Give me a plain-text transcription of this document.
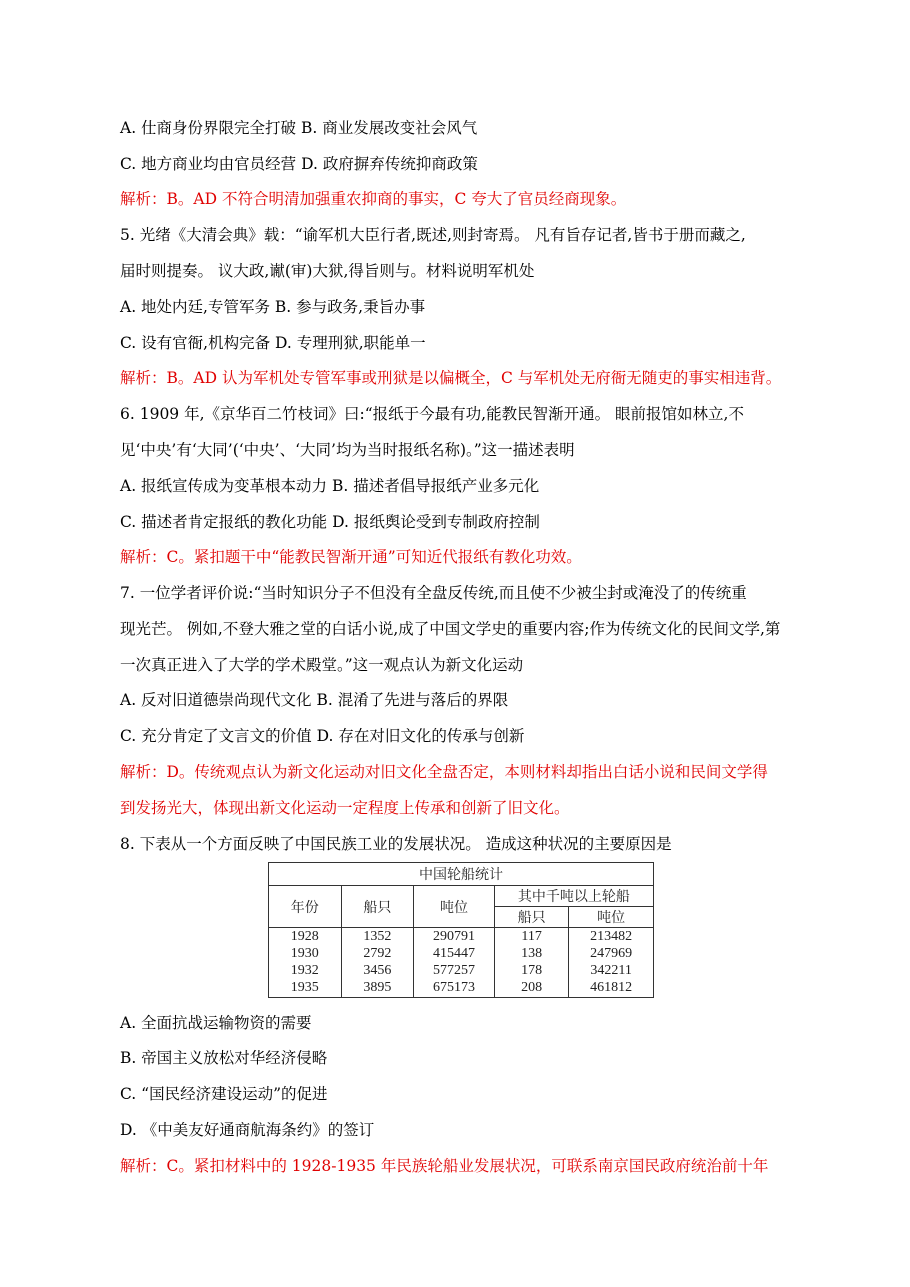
A. 仕商身份界限完全打破 B. 商业发展改变社会风气
C. 地方商业均由官员经营 D. 政府摒弃传统抑商政策
解析：B。AD 不符合明清加强重农抑商的事实，C 夸大了官员经商现象。
5. 光绪《大清会典》载：“谕军机大臣行者,既述,则封寄焉。 凡有旨存记者,皆书于册而藏之,
届时则提奏。 议大政,谳(审)大狱,得旨则与。材料说明军机处
A. 地处内廷,专管军务 B. 参与政务,秉旨办事
C. 设有官衙,机构完备 D. 专理刑狱,职能单一
解析：B。AD 认为军机处专管军事或刑狱是以偏概全，C 与军机处无府衙无随吏的事实相违背。
6. 1909 年,《京华百二竹枝词》曰:“报纸于今最有功,能教民智渐开通。 眼前报馆如林立,不
见‘中央’有‘大同’(‘中央’、‘大同’均为当时报纸名称)。”这一描述表明
A. 报纸宣传成为变革根本动力 B. 描述者倡导报纸产业多元化
C. 描述者肯定报纸的教化功能 D. 报纸舆论受到专制政府控制
解析：C。紧扣题干中“能教民智渐开通”可知近代报纸有教化功效。
7. 一位学者评价说:“当时知识分子不但没有全盘反传统,而且使不少被尘封或淹没了的传统重
现光芒。 例如,不登大雅之堂的白话小说,成了中国文学史的重要内容;作为传统文化的民间文学,第
一次真正进入了大学的学术殿堂。”这一观点认为新文化运动
A. 反对旧道德崇尚现代文化 B. 混淆了先进与落后的界限
C. 充分肯定了文言文的价值 D. 存在对旧文化的传承与创新
解析：D。传统观点认为新文化运动对旧文化全盘否定，本则材料却指出白话小说和民间文学得
到发扬光大，体现出新文化运动一定程度上传承和创新了旧文化。
8. 下表从一个方面反映了中国民族工业的发展状况。 造成这种状况的主要原因是
中国轮船统计				
年份	船只	吨位	其中千吨以上轮船	
			船只	吨位
1928	1352	290791	117	213482
1930	2792	415447	138	247969
1932	3456	577257	178	342211
1935	3895	675173	208	461812
A. 全面抗战运输物资的需要
B. 帝国主义放松对华经济侵略
C. “国民经济建设运动”的促进
D. 《中美友好通商航海条约》的签订
解析：C。紧扣材料中的 1928-1935 年民族轮船业发展状况，可联系南京国民政府统治前十年
